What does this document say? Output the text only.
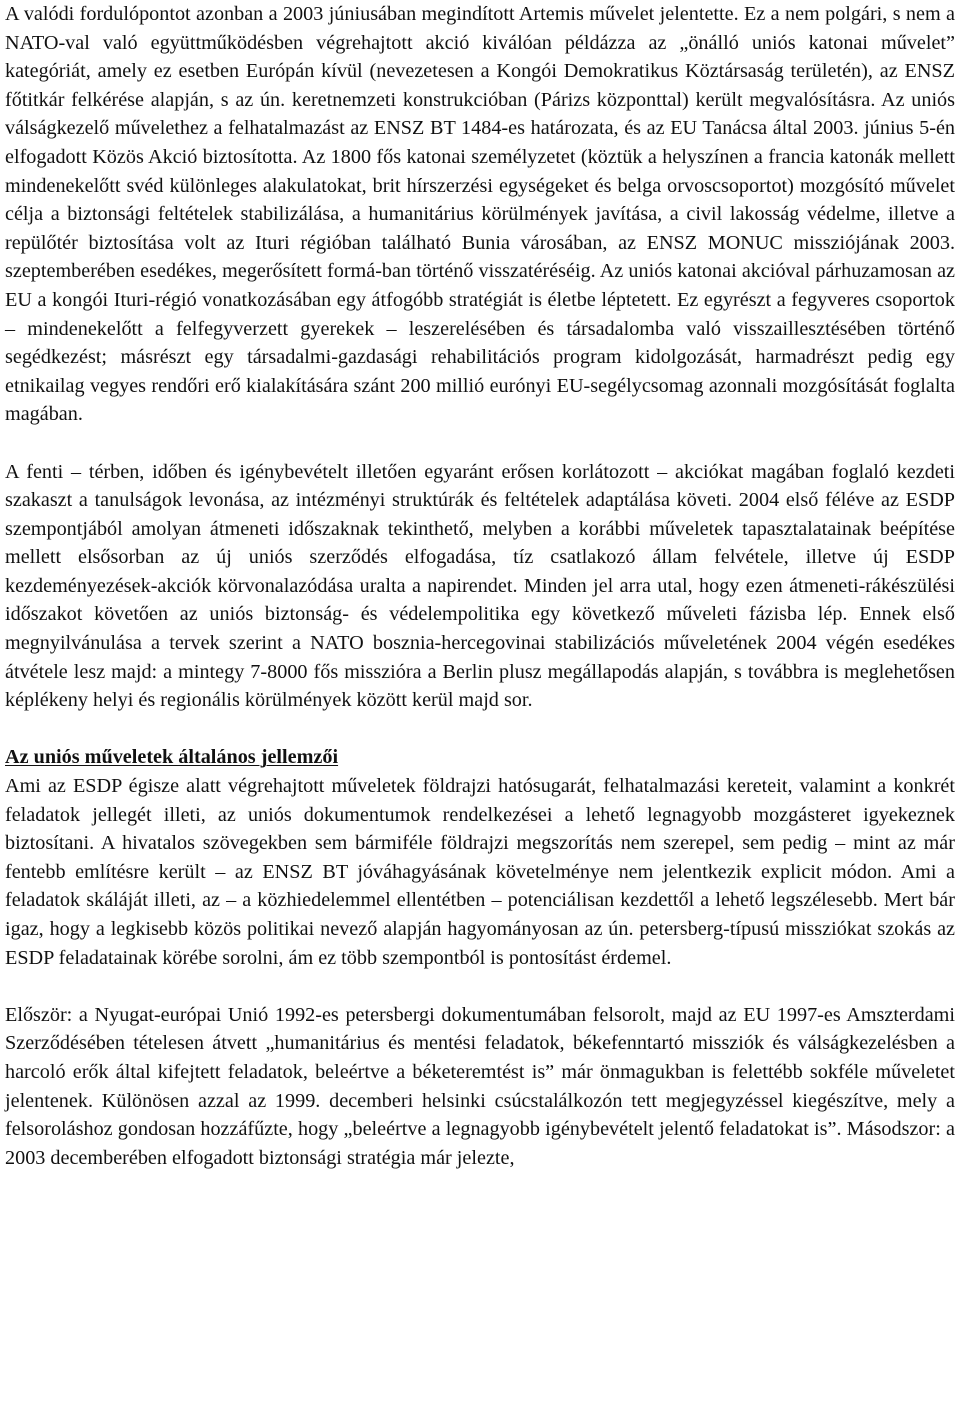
A valódi fordulópontot azonban a 2003 júniusában megindított Artemis művelet jelentette. Ez a nem polgári, s nem a NATO-val való együttműködésben végrehajtott akció kiválóan példázza az „önálló uniós katonai művelet” kategóriát, amely ez esetben Európán kívül (nevezetesen a Kongói Demokratikus Köztársaság területén), az ENSZ főtitkár felkérése alapján, s az ún. keretnemzeti konstrukcióban (Párizs központtal) került megvalósításra. Az uniós válságkezelő művelethez a felhatalmazást az ENSZ BT 1484-es határozata, és az EU Tanácsa által 2003. június 5-én elfogadott Közös Akció biztosította. Az 1800 fős katonai személyzetet (köztük a helyszínen a francia katonák mellett mindenekelőtt svéd különleges alakulatokat, brit hírszerzési egységeket és belga orvoscsoportot) mozgósító művelet célja a biztonsági feltételek stabilizálása, a humanitárius körülmények javítása, a civil lakosság védelme, illetve a repülőtér biztosítása volt az Ituri régióban található Bunia városában, az ENSZ MONUC missziójának 2003. szeptemberében esedékes, megerősített formá-ban történő visszatéréséig. Az uniós katonai akcióval párhuzamosan az EU a kongói Ituri-régió vonatkozásában egy átfogóbb stratégiát is életbe léptetett. Ez egyrészt a fegyveres csoportok – mindenekelőtt a felfegyverzett gyerekek – leszerelésében és társadalomba való visszaillesztésében történő segédkezést; másrészt egy társadalmi-gazdasági rehabilitációs program kidolgozását, harmadrészt pedig egy etnikailag vegyes rendőri erő kialakítására szánt 200 millió eurónyi EU-segélycsomag azonnali mozgósítását foglalta magában.

A fenti – térben, időben és igénybevételt illetően egyaránt erősen korlátozott – akciókat magában foglaló kezdeti szakaszt a tanulságok levonása, az intézményi struktúrák és feltételek adaptálása követi. 2004 első féléve az ESDP szempontjából amolyan átmeneti időszaknak tekinthető, melyben a korábbi műveletek tapasztalatainak beépítése mellett elsősorban az új uniós szerződés elfogadása, tíz csatlakozó állam felvétele, illetve új ESDP kezdeményezések-akciók körvonalazódása uralta a napirendet. Minden jel arra utal, hogy ezen átmeneti-rákészülési időszakot követően az uniós biztonság- és védelempolitika egy következő műveleti fázisba lép. Ennek első megnyilvánulása a tervek szerint a NATO bosznia-hercegovinai stabilizációs műveletének 2004 végén esedékes átvétele lesz majd: a mintegy 7-8000 fős misszióra a Berlin plusz megállapodás alapján, s továbbra is meglehetősen képlékeny helyi és regionális körülmények között kerül majd sor.

Az uniós műveletek általános jellemzői

Ami az ESDP égisze alatt végrehajtott műveletek földrajzi hatósugarát, felhatalmazási kereteit, valamint a konkrét feladatok jellegét illeti, az uniós dokumentumok rendelkezései a lehető legnagyobb mozgásteret igyekeznek biztosítani. A hivatalos szövegekben sem bármiféle földrajzi megszorítás nem szerepel, sem pedig – mint az már fentebb említésre került – az ENSZ BT jóváhagyásának követelménye nem jelentkezik explicit módon. Ami a feladatok skáláját illeti, az – a közhiedelemmel ellentétben – potenciálisan kezdettől a lehető legszélesebb. Mert bár igaz, hogy a legkisebb közös politikai nevező alapján hagyományosan az ún. petersberg-típusú missziókat szokás az ESDP feladatainak körébe sorolni, ám ez több szempontból is pontosítást érdemel.

Először: a Nyugat-európai Unió 1992-es petersbergi dokumentumában felsorolt, majd az EU 1997-es Amszterdami Szerződésében tételesen átvett „humanitárius és mentési feladatok, békefenntartó missziók és válságkezelésben a harcoló erők által kifejtett feladatok, beleértve a béketeremtést is” már önmagukban is felettébb sokféle műveletet jelentenek. Különösen azzal az 1999. decemberi helsinki csúcstalálkozón tett megjegyzéssel kiegészítve, mely a felsoroláshoz gondosan hozzáfűzte, hogy „beleértve a legnagyobb igénybevételt jelentő feladatokat is”. Másodszor: a 2003 decemberében elfogadott biztonsági stratégia már jelezte,
